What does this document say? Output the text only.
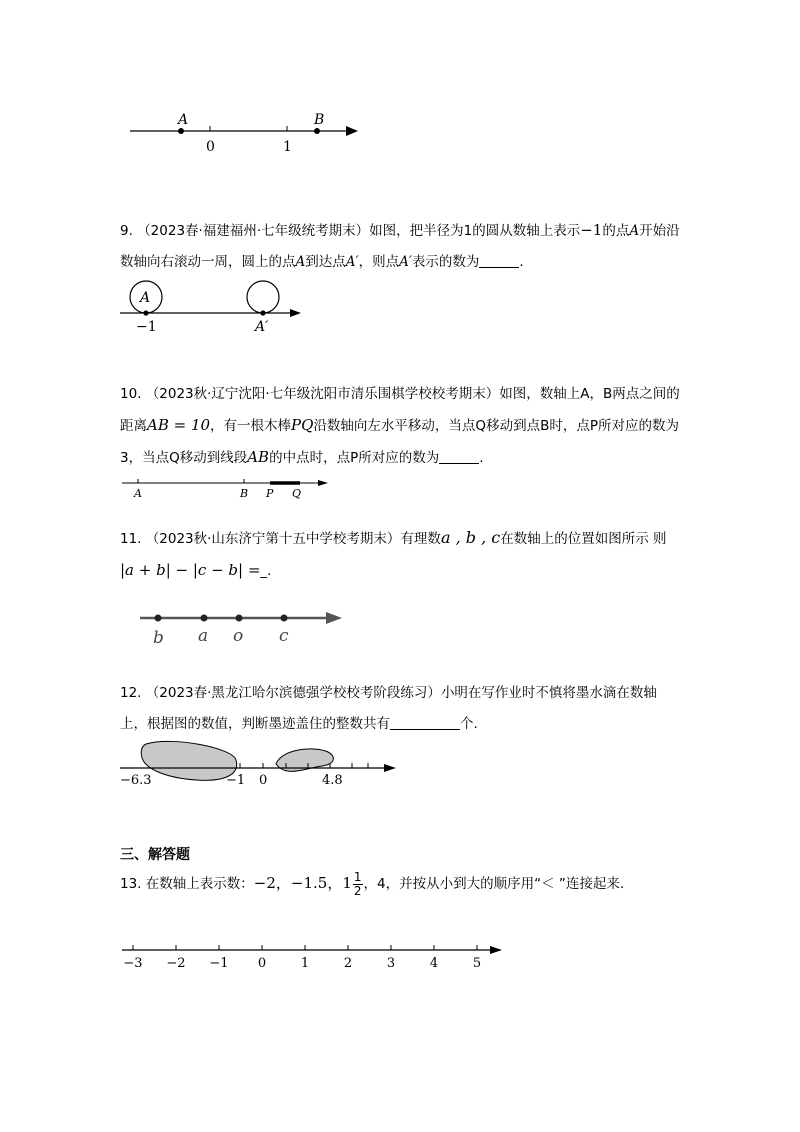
A	B
0	1
9. （2023春·福建福州·七年级统考期末）如图，把半径为1的圆从数轴上表示−1的点A开始沿数轴向右滚动一周，圆上的点A到达点A′，则点A′表示的数为	.
A
−1	A′
10. （2023秋·辽宁沈阳·七年级沈阳市清乐围棋学校校考期末）如图，数轴上A，B两点之间的距离AB = 10，有一根木棒PQ沿数轴向左水平移动，当点Q移动到点B时，点P所对应的数为3，当点Q移动到线段AB的中点时，点P所对应的数为	.
A	B P Q
11. （2023秋·山东济宁第十五中学校考期末）有理数a , b , c在数轴上的位置如图所示 则
|a + b| − |c − b| =_.
b a o c
12. （2023春·黑龙江哈尔滨德强学校校考阶段练习）小明在写作业时不慎将墨水滴在数轴上，根据图的数值，判断墨迹盖住的整数共有	个.
−6.3	−1 0	4.8
三、解答题
13. 在数轴上表示数：−2，−1.5，$1 \frac{1}{2}$ ，4，并按从小到大的顺序用“＜ ”连接起来.
−3 −2 −1 0	1	2	3	4	5
